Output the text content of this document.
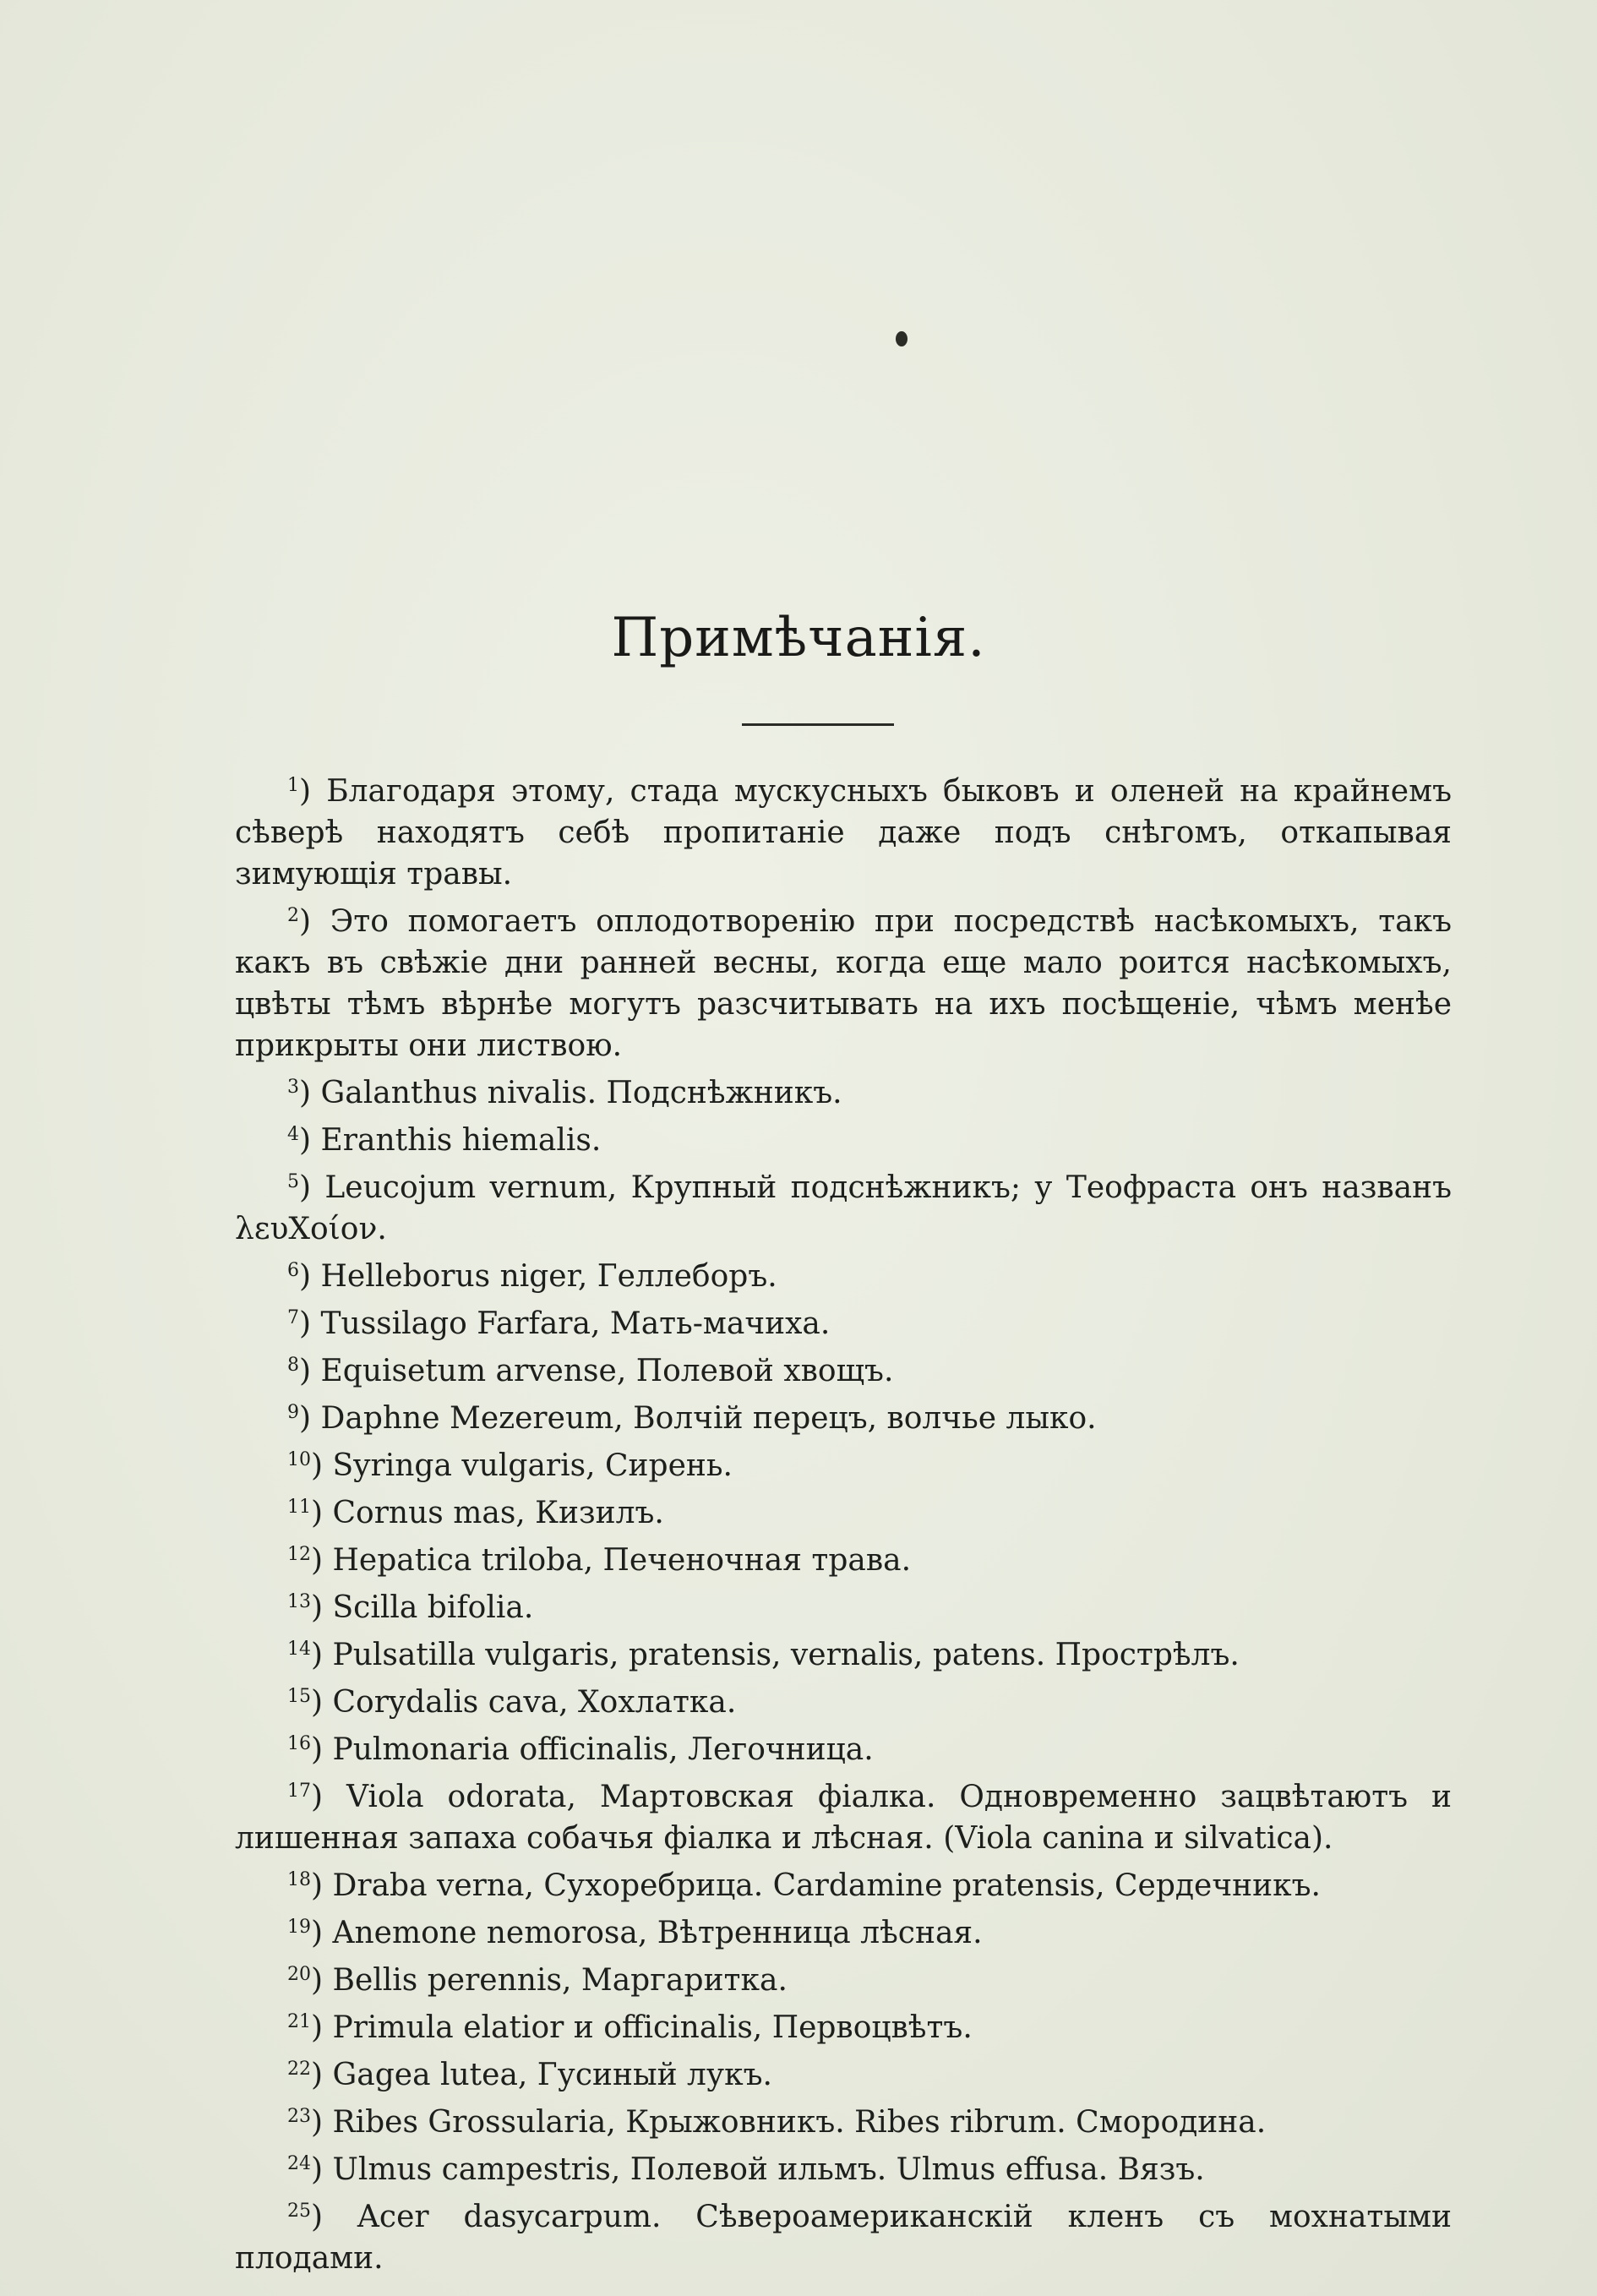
Примѣчанія.

$^1$) Благодаря этому, стада мускусныхъ быковъ и оленей на крайнемъ сѣверѣ находятъ себѣ пропитаніе даже подъ снѣгомъ, откапывая зимующія травы.

$^2$) Это помогаетъ оплодотворенію при посредствѣ насѣкомыхъ, такъ какъ въ свѣжіе дни ранней весны, когда еще мало роится насѣкомыхъ, цвѣты тѣмъ вѣрнѣе могутъ разсчитывать на ихъ посѣщеніе, чѣмъ менѣе прикрыты они листвою.

$^3$) Galanthus nivalis. Подснѣжникъ.

$^4$) Eranthis hiemalis.

$^5$) Leucojum vernum, Крупный подснѣжникъ; у Теофраста онъ названъ λευΧοίον.

$^6$) Helleborus niger, Геллеборъ.

$^7$) Tussilago Farfara, Мать-мачиха.

$^8$) Equisetum arvense, Полевой хвощъ.

$^9$) Daphne Mezereum, Волчій перецъ, волчье лыко.

$^{10}$) Syringa vulgaris, Сирень.

$^{11}$) Cornus mas, Кизилъ.

$^{12}$) Hepatica triloba, Печеночная трава.

$^{13}$) Scilla bifolia.

$^{14}$) Pulsatilla vulgaris, pratensis, vernalis, patens. Прострѣлъ.

$^{15}$) Corydalis cava, Хохлатка.

$^{16}$) Pulmonaria officinalis, Легочница.

$^{17}$) Viola odorata, Мартовская фіалка. Одновременно зацвѣтаютъ и лишенная запаха собачья фіалка и лѣсная. (Viola canina и silvatica).

$^{18}$) Draba verna, Сухоребрица. Cardamine pratensis, Сердечникъ.

$^{19}$) Anemone nemorosa, Вѣтренница лѣсная.

$^{20}$) Bellis perennis, Маргаритка.

$^{21}$) Primula elatior и officinalis, Первоцвѣтъ.

$^{22}$) Gagea lutea, Гусиный лукъ.

$^{23}$) Ribes Grossularia, Крыжовникъ. Ribes ribrum. Смородина.

$^{24}$) Ulmus campestris, Полевой ильмъ. Ulmus effusa. Вязъ.

$^{25}$) Acer dasycarpum. Сѣвероамериканскій кленъ съ мохнатыми плодами.
